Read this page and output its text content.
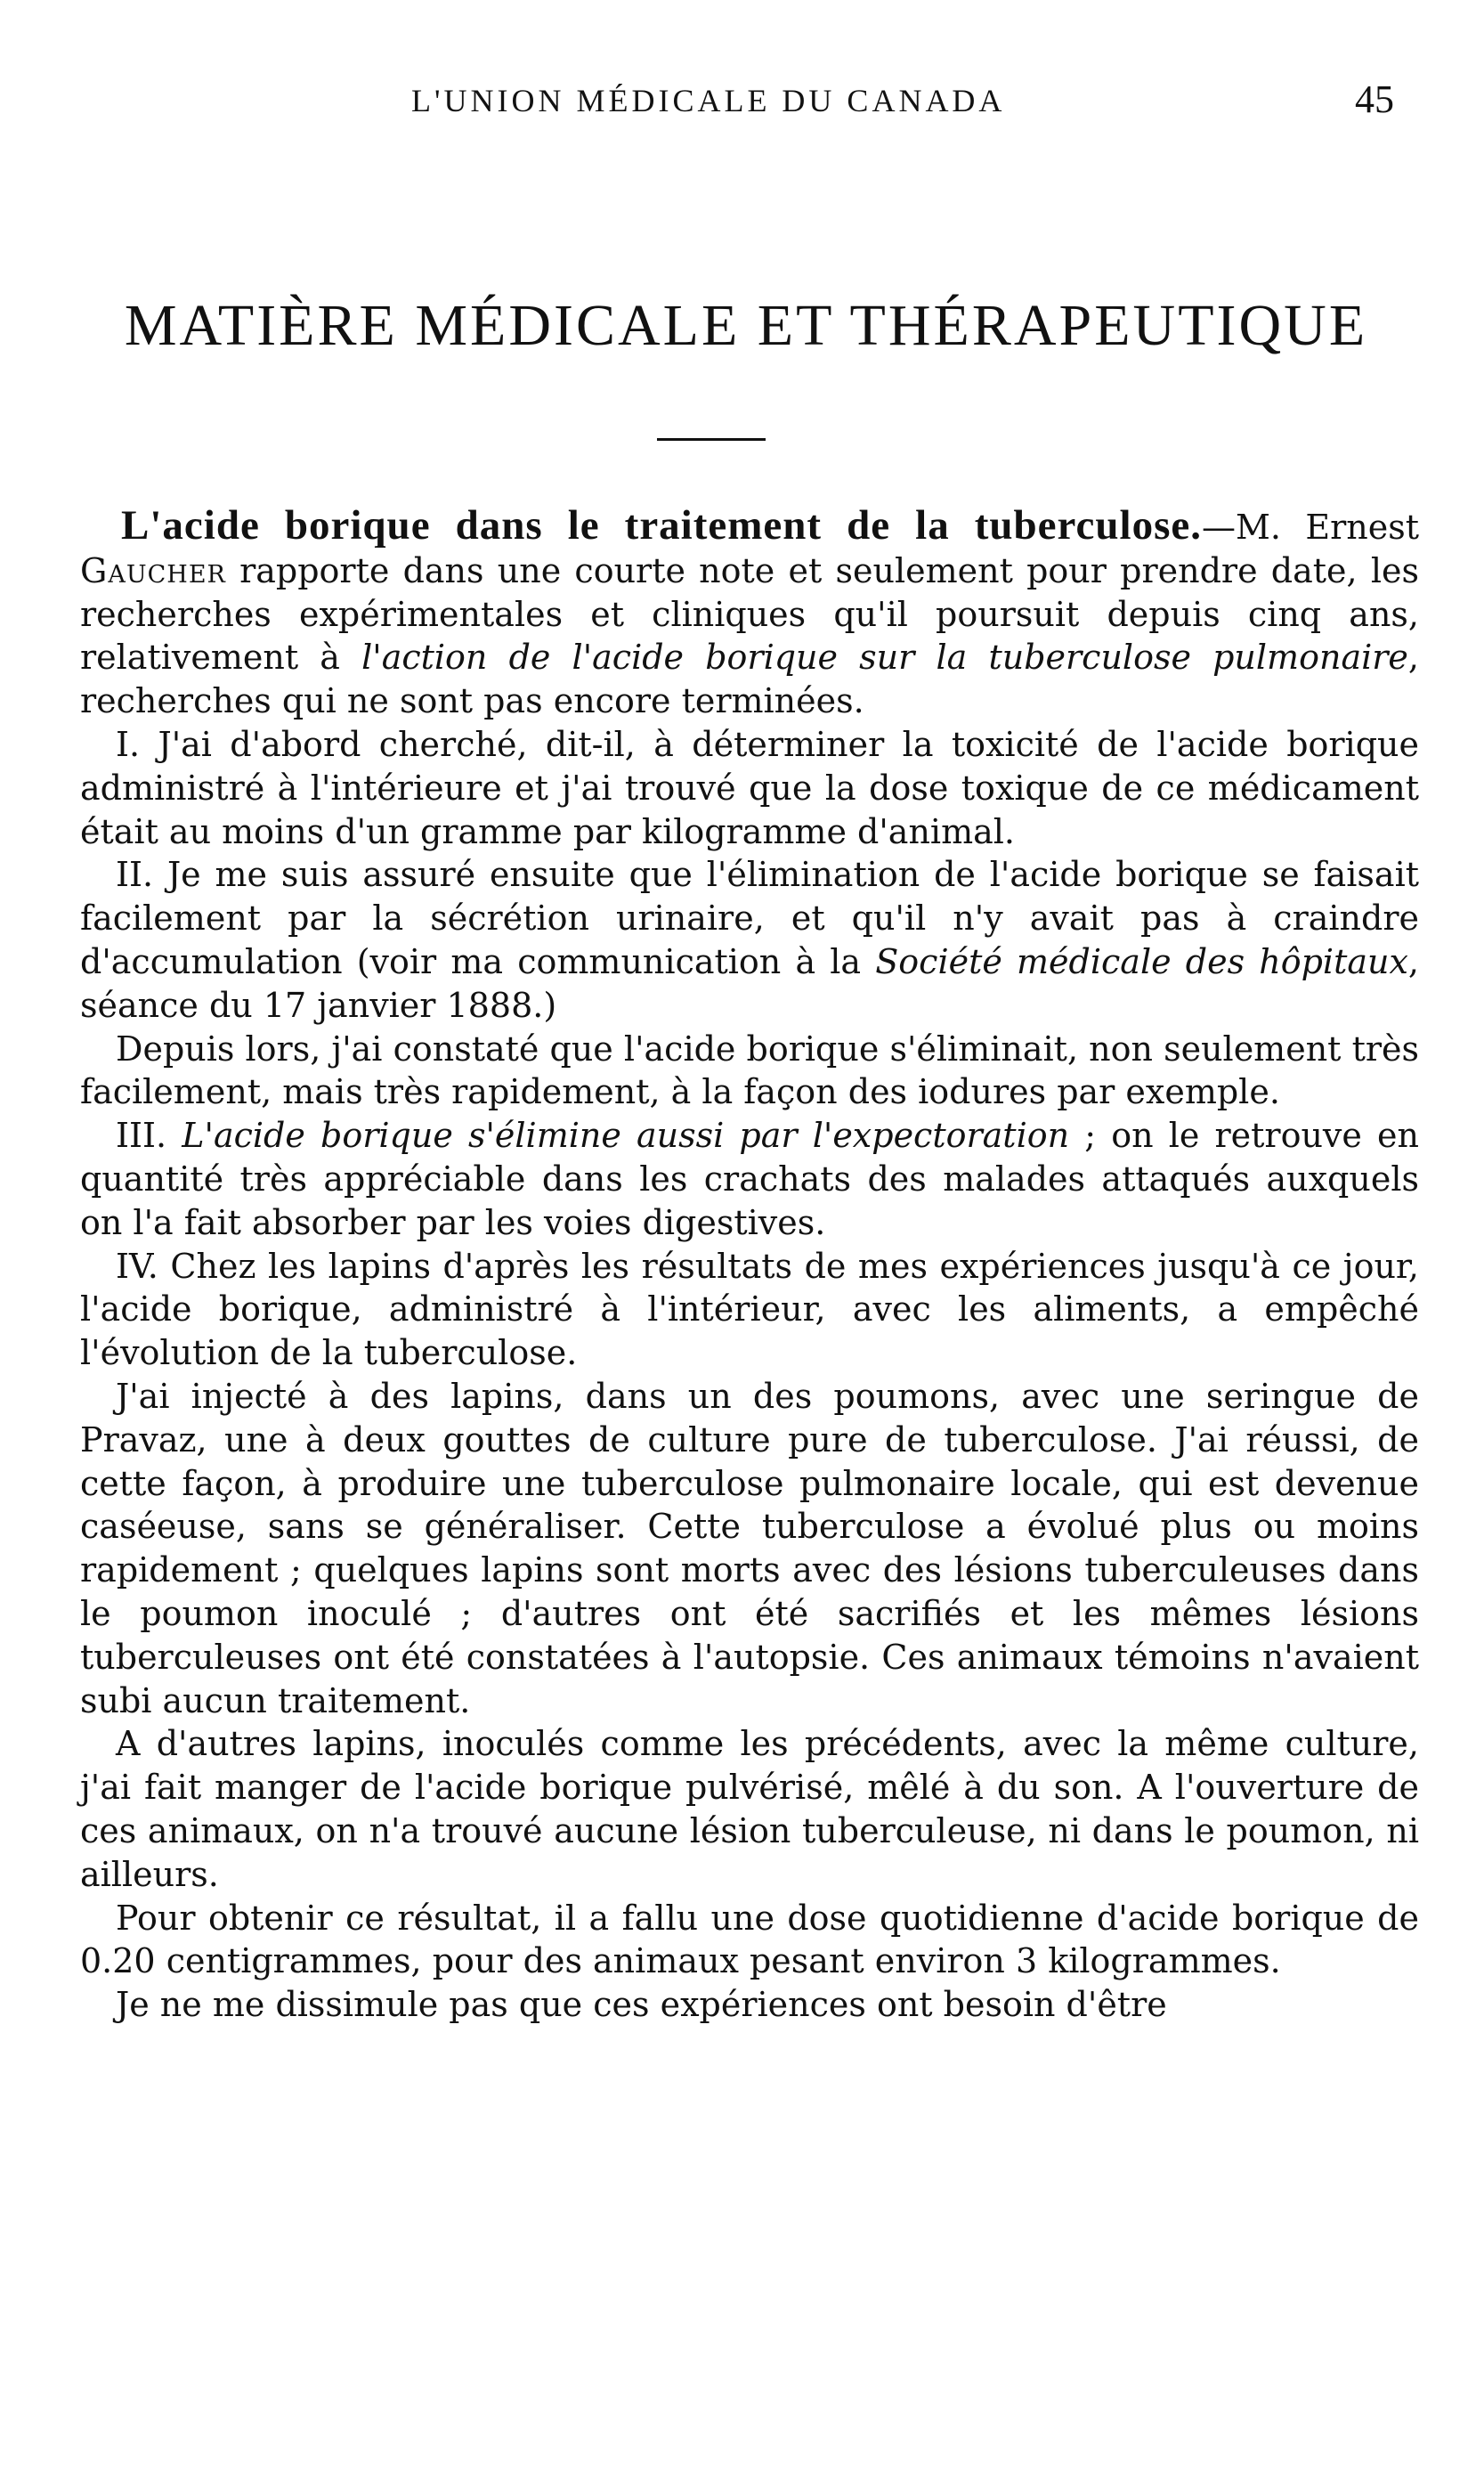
L'UNION MÉDICALE DU CANADA	45
MATIÈRE MÉDICALE ET THÉRAPEUTIQUE

L'acide borique dans le traitement de la tuberculose.—M. Ernest Gaucher rapporte dans une courte note et seulement pour prendre date, les recherches expérimentales et cliniques qu'il poursuit depuis cinq ans, relativement à l'action de l'acide borique sur la tuberculose pulmonaire, recherches qui ne sont pas encore terminées.

I. J'ai d'abord cherché, dit-il, à déterminer la toxicité de l'acide borique administré à l'intérieure et j'ai trouvé que la dose toxique de ce médicament était au moins d'un gramme par kilogramme d'animal.

II. Je me suis assuré ensuite que l'élimination de l'acide borique se faisait facilement par la sécrétion urinaire, et qu'il n'y avait pas à craindre d'accumulation (voir ma communication à la Société médicale des hôpitaux, séance du 17 janvier 1888.)

Depuis lors, j'ai constaté que l'acide borique s'éliminait, non seulement très facilement, mais très rapidement, à la façon des iodures par exemple.

III. L'acide borique s'élimine aussi par l'expectoration ; on le retrouve en quantité très appréciable dans les crachats des malades attaqués auxquels on l'a fait absorber par les voies digestives.

IV. Chez les lapins d'après les résultats de mes expériences jusqu'à ce jour, l'acide borique, administré à l'intérieur, avec les aliments, a empêché l'évolution de la tuberculose.

J'ai injecté à des lapins, dans un des poumons, avec une seringue de Pravaz, une à deux gouttes de culture pure de tuberculose. J'ai réussi, de cette façon, à produire une tuberculose pulmonaire locale, qui est devenue caséeuse, sans se généraliser. Cette tuberculose a évolué plus ou moins rapidement ; quelques lapins sont morts avec des lésions tuberculeuses dans le poumon inoculé ; d'autres ont été sacrifiés et les mêmes lésions tuberculeuses ont été constatées à l'autopsie. Ces animaux témoins n'avaient subi aucun traitement.

A d'autres lapins, inoculés comme les précédents, avec la même culture, j'ai fait manger de l'acide borique pulvérisé, mêlé à du son. A l'ouverture de ces animaux, on n'a trouvé aucune lésion tuberculeuse, ni dans le poumon, ni ailleurs.

Pour obtenir ce résultat, il a fallu une dose quotidienne d'acide borique de 0.20 centigrammes, pour des animaux pesant environ 3 kilogrammes.

Je ne me dissimule pas que ces expériences ont besoin d'être
